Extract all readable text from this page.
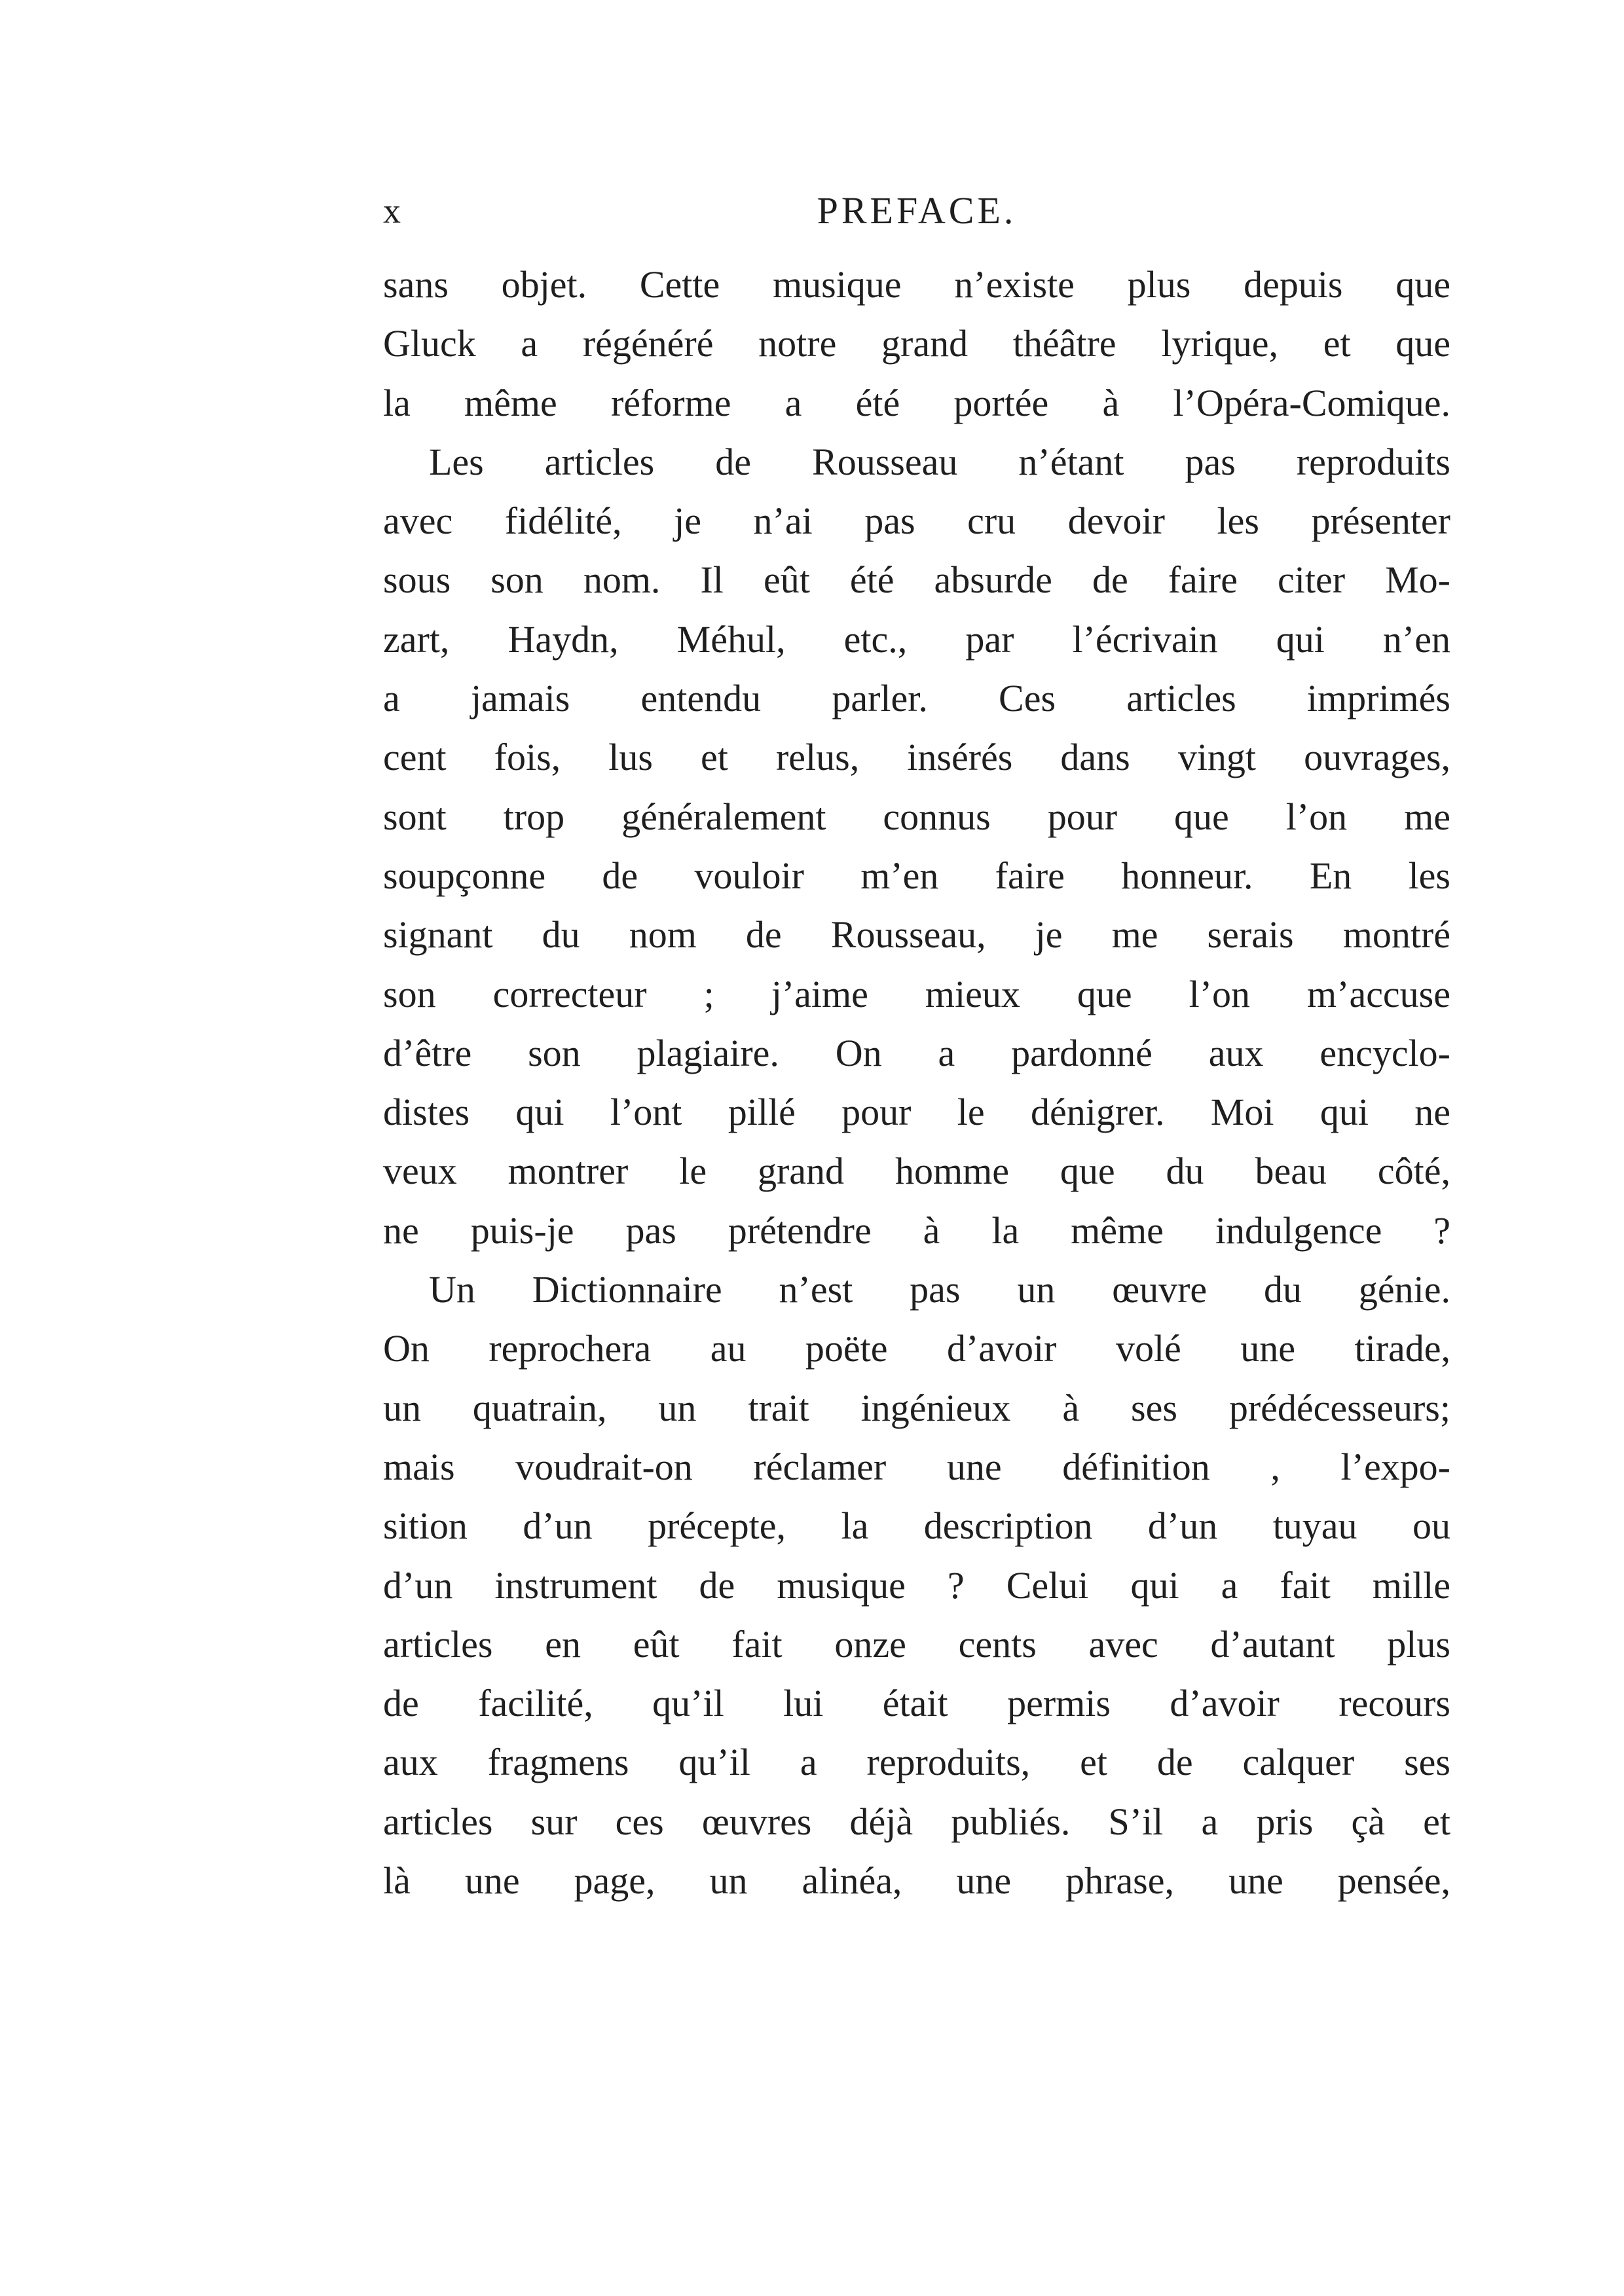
x	PREFACE.
sans objet. Cette musique n’existe plus depuis que
Gluck a régénéré notre grand théâtre lyrique, et que
la même réforme a été portée à l’Opéra-Comique.
Les articles de Rousseau n’étant pas reproduits
avec fidélité, je n’ai pas cru devoir les présenter
sous son nom. Il eût été absurde de faire citer Mo-
zart, Haydn, Méhul, etc., par l’écrivain qui n’en
a jamais entendu parler. Ces articles imprimés
cent fois, lus et relus, insérés dans vingt ouvrages,
sont trop généralement connus pour que l’on me
soupçonne de vouloir m’en faire honneur. En les
signant du nom de Rousseau, je me serais montré
son correcteur ; j’aime mieux que l’on m’accuse
d’être son plagiaire. On a pardonné aux encyclo-
distes qui l’ont pillé pour le dénigrer. Moi qui ne
veux montrer le grand homme que du beau côté,
ne puis-je pas prétendre à la même indulgence ?
Un Dictionnaire n’est pas un œuvre du génie.
On reprochera au poëte d’avoir volé une tirade,
un quatrain, un trait ingénieux à ses prédécesseurs;
mais voudrait-on réclamer une définition , l’expo-
sition d’un précepte, la description d’un tuyau ou
d’un instrument de musique ? Celui qui a fait mille
articles en eût fait onze cents avec d’autant plus
de facilité, qu’il lui était permis d’avoir recours
aux fragmens qu’il a reproduits, et de calquer ses
articles sur ces œuvres déjà publiés. S’il a pris çà et
là une page, un alinéa, une phrase, une pensée,
